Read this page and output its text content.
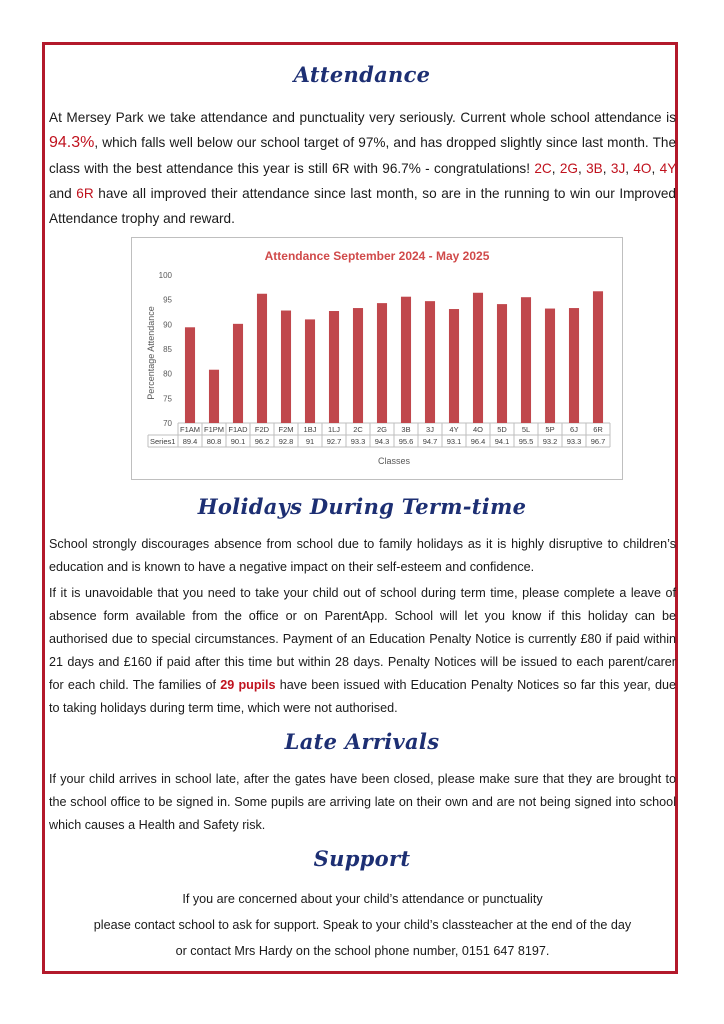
Attendance
At Mersey Park we take attendance and punctuality very seriously. Current whole school attendance is 94.3%, which falls well below our school target of 97%, and has dropped slightly since last month. The class with the best attendance this year is still 6R with 96.7% - congratulations! 2C, 2G, 3B, 3J, 4O, 4Y and 6R have all improved their attendance since last month, so are in the running to win our Improved Attendance trophy and reward.
Attendance September 2024 - May 2025
Percentage Attendance
Classes
70
75
80
85
90
95
100
Series1
F1AM
89.4
F1PM
80.8
F1AD
90.1
F2D
96.2
F2M
92.8
1BJ
91
1LJ
92.7
2C
93.3
2G
94.3
3B
95.6
3J
94.7
4Y
93.1
4O
96.4
5D
94.1
5L
95.5
5P
93.2
6J
93.3
6R
96.7
Holidays During Term-time
School strongly discourages absence from school due to family holidays as it is highly disruptive to children’s education and is known to have a negative impact on their self-esteem and confidence.
If it is unavoidable that you need to take your child out of school during term time, please complete a leave of absence form available from the office or on ParentApp. School will let you know if this holiday can be authorised due to special circumstances. Payment of an Education Penalty Notice is currently £80 if paid within 21 days and £160 if paid after this time but within 28 days. Penalty Notices will be issued to each parent/carer for each child. The families of 29 pupils have been issued with Education Penalty Notices so far this year, due to taking holidays during term time, which were not authorised.
Late Arrivals
If your child arrives in school late, after the gates have been closed, please make sure that they are brought to the school office to be signed in. Some pupils are arriving late on their own and are not being signed into school which causes a Health and Safety risk.
Support
If you are concerned about your child’s attendance or punctuality
please contact school to ask for support. Speak to your child’s classteacher at the end of the day
or contact Mrs Hardy on the school phone number, 0151 647 8197.
